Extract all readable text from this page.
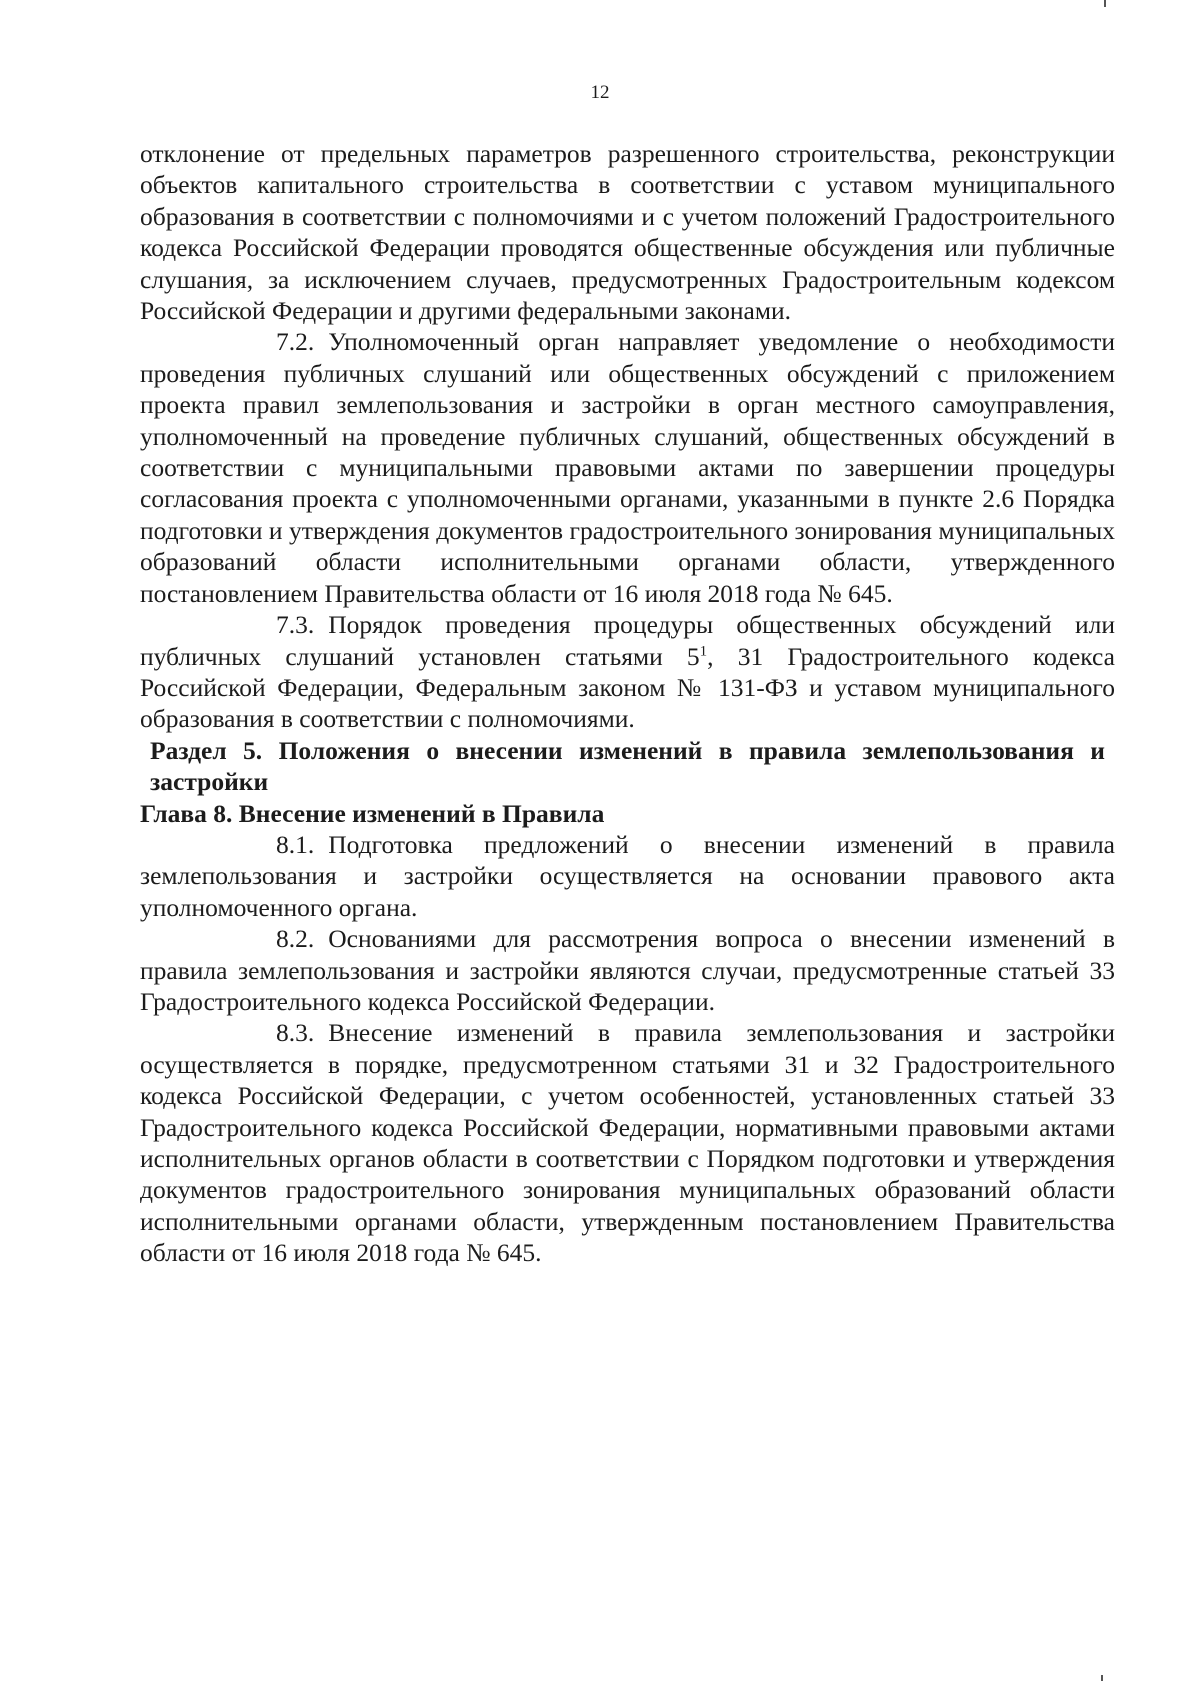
12

отклонение от предельных параметров разрешенного строительства, реконструкции объектов капитального строительства в соответствии с уставом муниципального образования в соответствии с полномочиями и с учетом положений Градостроительного кодекса Российской Федерации проводятся общественные обсуждения или публичные слушания, за исключением случаев, предусмотренных Градостроительным кодексом Российской Федерации и другими федеральными законами.

7.2. Уполномоченный орган направляет уведомление о необходимости проведения публичных слушаний или общественных обсуждений с приложением проекта правил землепользования и застройки в орган местного самоуправления, уполномоченный на проведение публичных слушаний, общественных обсуждений в соответствии с муниципальными правовыми актами по завершении процедуры согласования проекта с уполномоченными органами, указанными в пункте 2.6 Порядка подготовки и утверждения документов градостроительного зонирования муниципальных образований области исполнительными органами области, утвержденного постановлением Правительства области от 16 июля 2018 года № 645.

7.3. Порядок проведения процедуры общественных обсуждений или публичных слушаний установлен статьями $5^1$, 31 Градостроительного кодекса Российской Федерации, Федеральным законом № 131-ФЗ и уставом муниципального образования в соответствии с полномочиями.

Раздел 5. Положения о внесении изменений в правила землепользования и застройки

Глава 8. Внесение изменений в Правила

8.1. Подготовка предложений о внесении изменений в правила землепользования и застройки осуществляется на основании правового акта уполномоченного органа.

8.2. Основаниями для рассмотрения вопроса о внесении изменений в правила землепользования и застройки являются случаи, предусмотренные статьей 33 Градостроительного кодекса Российской Федерации.

8.3. Внесение изменений в правила землепользования и застройки осуществляется в порядке, предусмотренном статьями 31 и 32 Градостроительного кодекса Российской Федерации, с учетом особенностей, установленных статьей 33 Градостроительного кодекса Российской Федерации, нормативными правовыми актами исполнительных органов области в соответствии с Порядком подготовки и утверждения документов градостроительного зонирования муниципальных образований области исполнительными органами области, утвержденным постановлением Правительства области от 16 июля 2018 года № 645.
